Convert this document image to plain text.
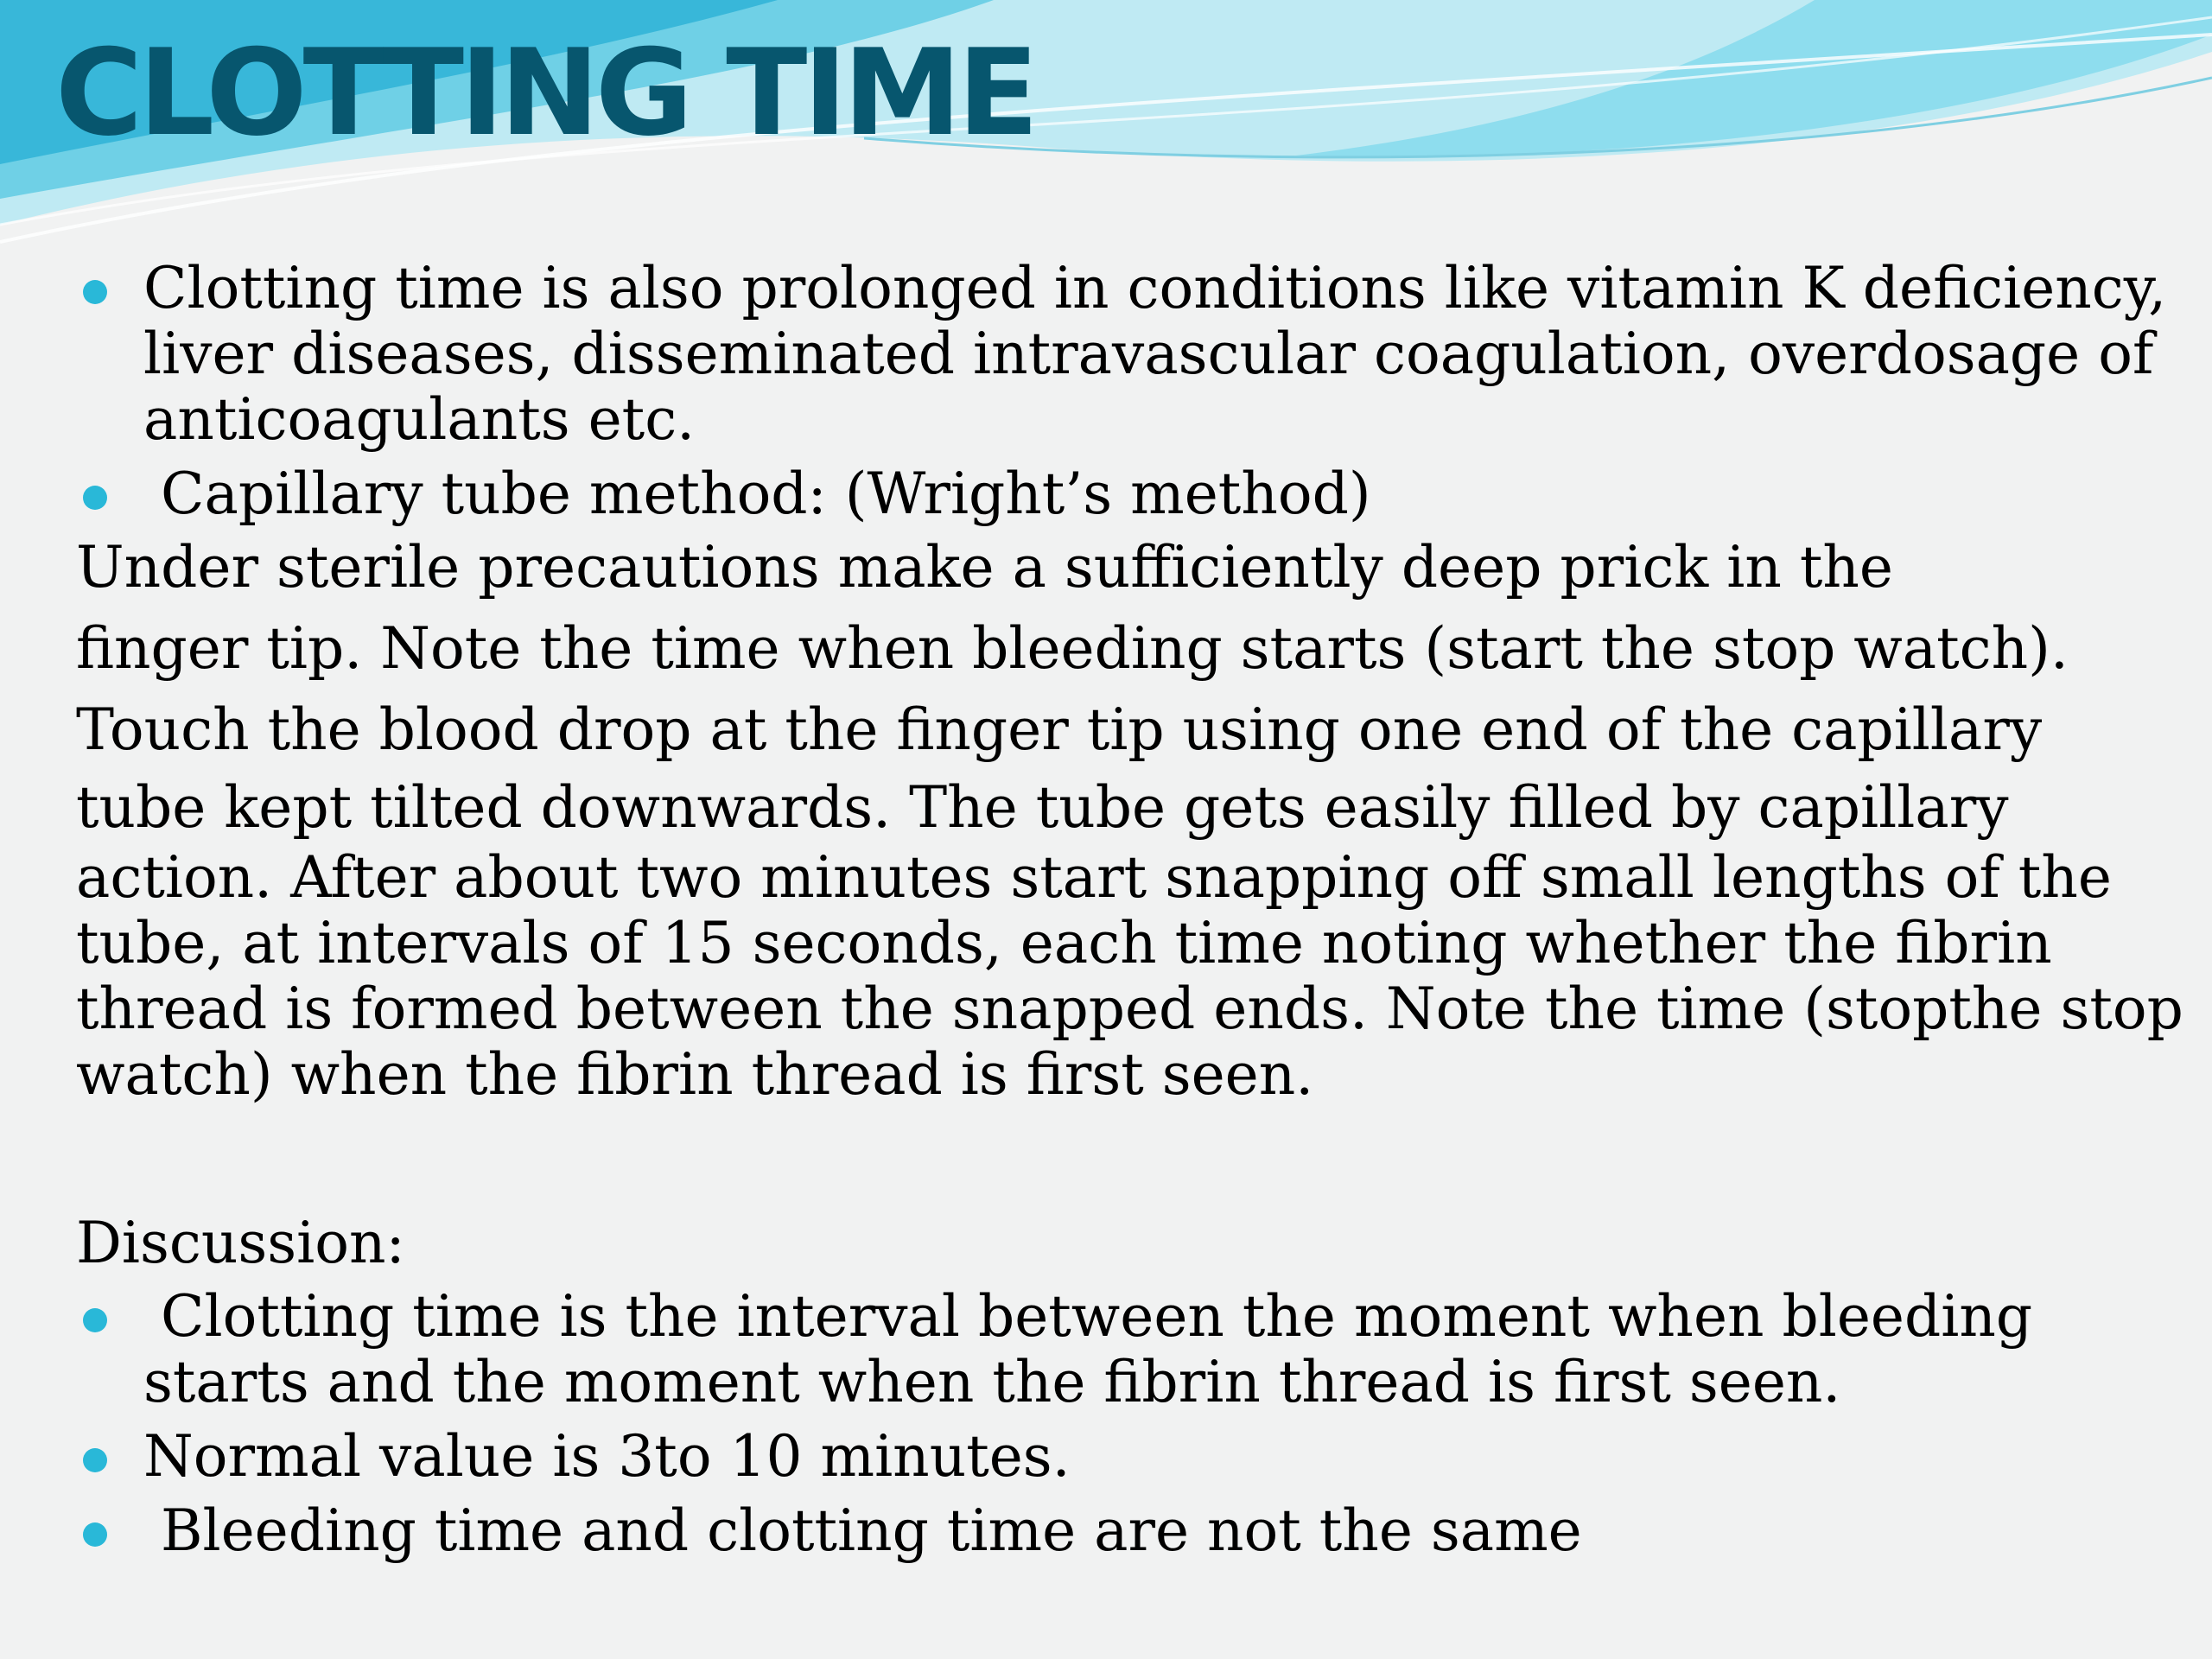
CLOTTING TIME

Clotting time is also prolonged in conditions like vitamin K deficiency, liver diseases, disseminated intravascular coagulation, overdosage of anticoagulants etc.

Capillary tube method: (Wright’s method)

Under sterile precautions make a sufficiently deep prick in the

finger tip. Note the time when bleeding starts (start the stop watch).

Touch the blood drop at the finger tip using one end of the capillary

tube kept tilted downwards. The tube gets easily filled by capillary

action. After about two minutes start snapping off small lengths of the tube, at intervals of 15 seconds, each time noting whether the fibrin thread is formed between the snapped ends. Note the time (stopthe stop watch) when the fibrin thread is first seen.

Discussion:

Clotting time is the interval between the moment when bleeding starts and the moment when the fibrin thread is first seen.

Normal value is 3to 10 minutes.

Bleeding time and clotting time are not the same
